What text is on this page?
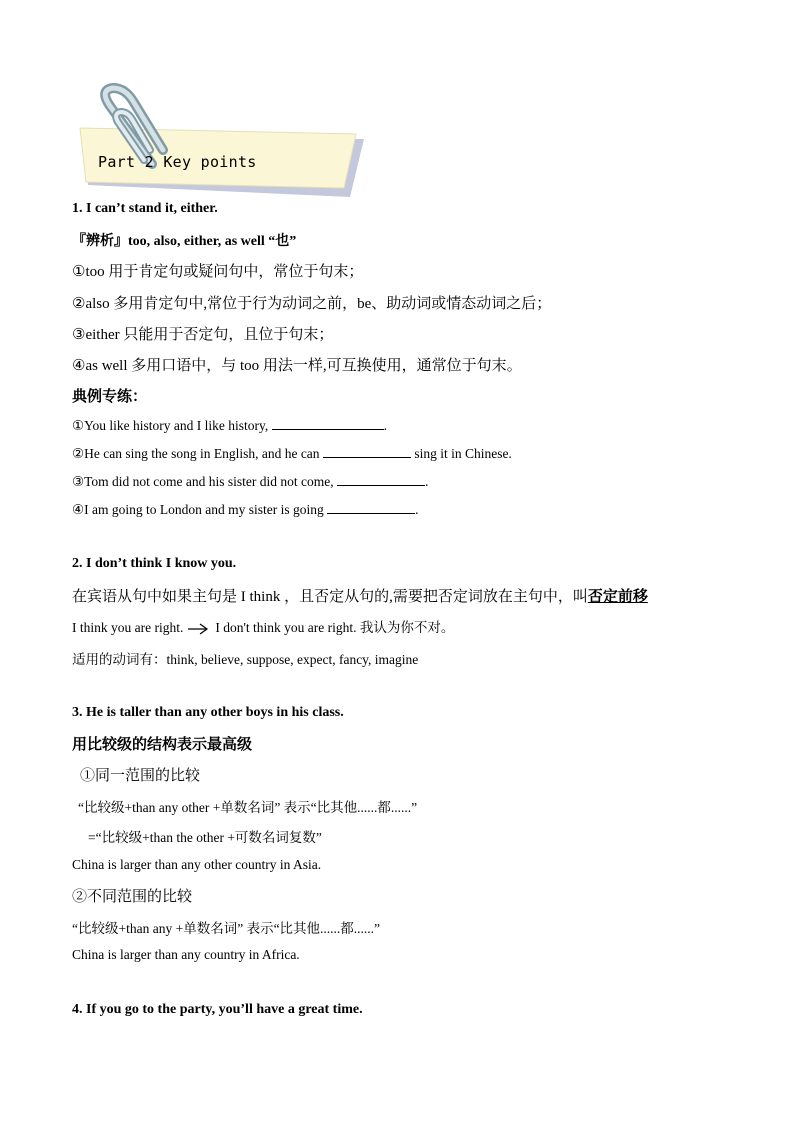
Part 2 Key points
1. I can’t stand it, either.
『辨析』too, also, either, as well “也”
①too 用于肯定句或疑问句中，常位于句末；
②also 多用肯定句中,常位于行为动词之前，be、助动词或情态动词之后；
③either 只能用于否定句，且位于句末；
④as well 多用口语中，与 too 用法一样,可互换使用，通常位于句末。
典例专练：
①You like history and I like history,	.
②He can sing the song in English, and he can	sing it in Chinese.
③Tom did not come and his sister did not come,	.
④I am going to London and my sister is going	.
2. I don’t think I know you.
在宾语从句中如果主句是 I think ，且否定从句的,需要把否定词放在主句中，叫否定前移
I think you are right. I don't think you are right. 我认为你不对。
适用的动词有：think, believe, suppose, expect, fancy, imagine
3. He is taller than any other boys in his class.
用比较级的结构表示最高级
①同一范围的比较
“比较级+than any other +单数名词” 表示“比其他......都......”
=“比较级+than the other +可数名词复数”
China is larger than any other country in Asia.
②不同范围的比较
“比较级+than any +单数名词” 表示“比其他......都......”
China is larger than any country in Africa.
4. If you go to the party, you’ll have a great time.
